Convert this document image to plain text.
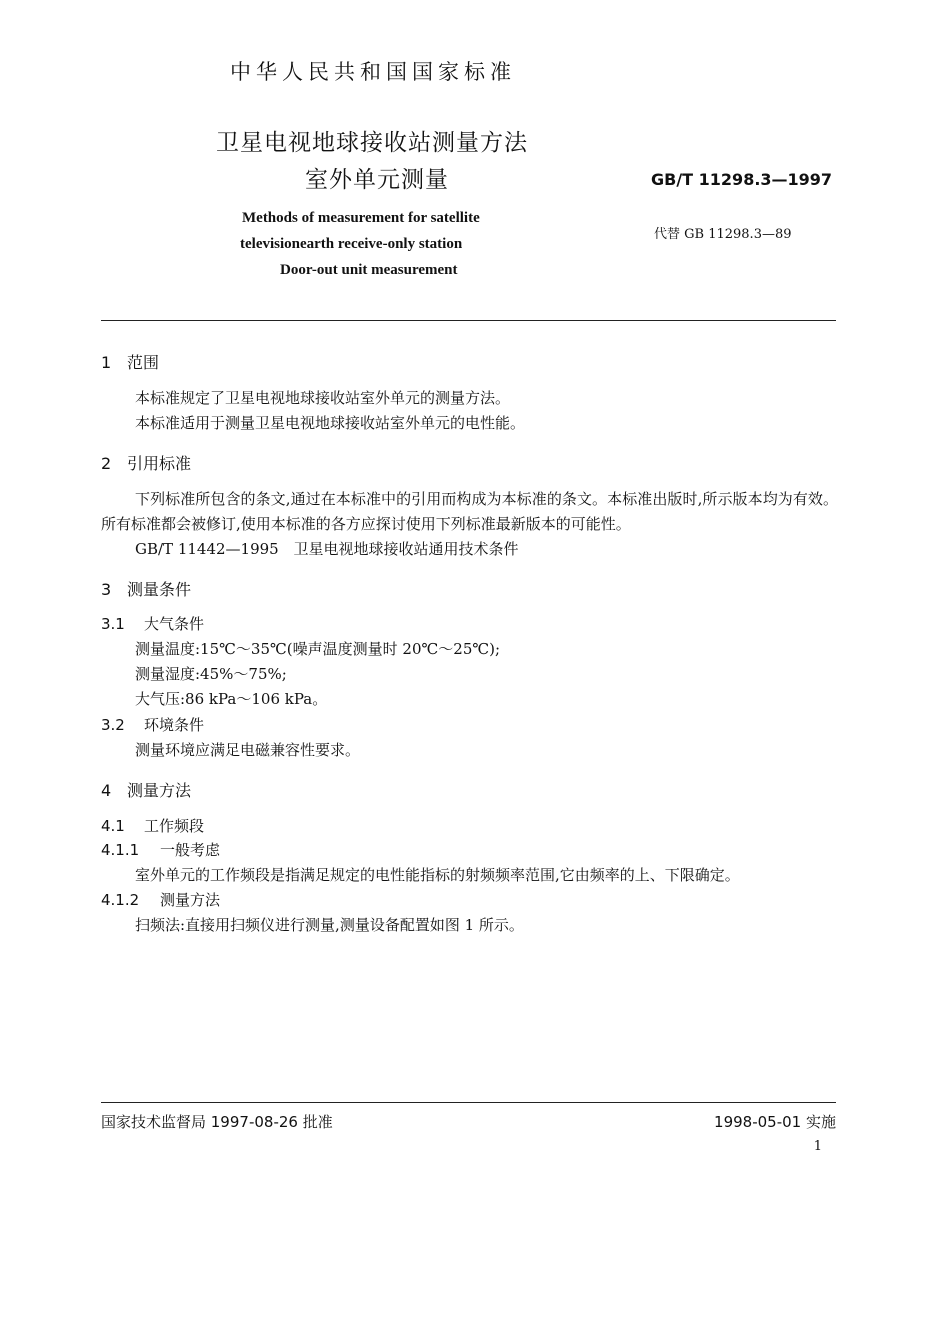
中华人民共和国国家标准
卫星电视地球接收站测量方法
室外单元测量	GB/T 11298.3—1997
Methods of measurement for satellite
televisionearth receive-only station
Door-out unit measurement
代替 GB 11298.3—89
1 范围
本标准规定了卫星电视地球接收站室外单元的测量方法。
本标准适用于测量卫星电视地球接收站室外单元的电性能。
2 引用标准
下列标准所包含的条文,通过在本标准中的引用而构成为本标准的条文。本标准出版时,所示版本均为有效。所有标准都会被修订,使用本标准的各方应探讨使用下列标准最新版本的可能性。
GB/T 11442—1995 卫星电视地球接收站通用技术条件
3 测量条件
3.1 大气条件
测量温度:15℃～35℃(噪声温度测量时 20℃～25℃);
测量湿度:45%～75%;
大气压:86 kPa～106 kPa。
3.2 环境条件
测量环境应满足电磁兼容性要求。
4 测量方法
4.1 工作频段
4.1.1 一般考虑
室外单元的工作频段是指满足规定的电性能指标的射频频率范围,它由频率的上、下限确定。
4.1.2 测量方法
扫频法:直接用扫频仪进行测量,测量设备配置如图 1 所示。
国家技术监督局 1997-08-26 批准	1998-05-01 实施
1
